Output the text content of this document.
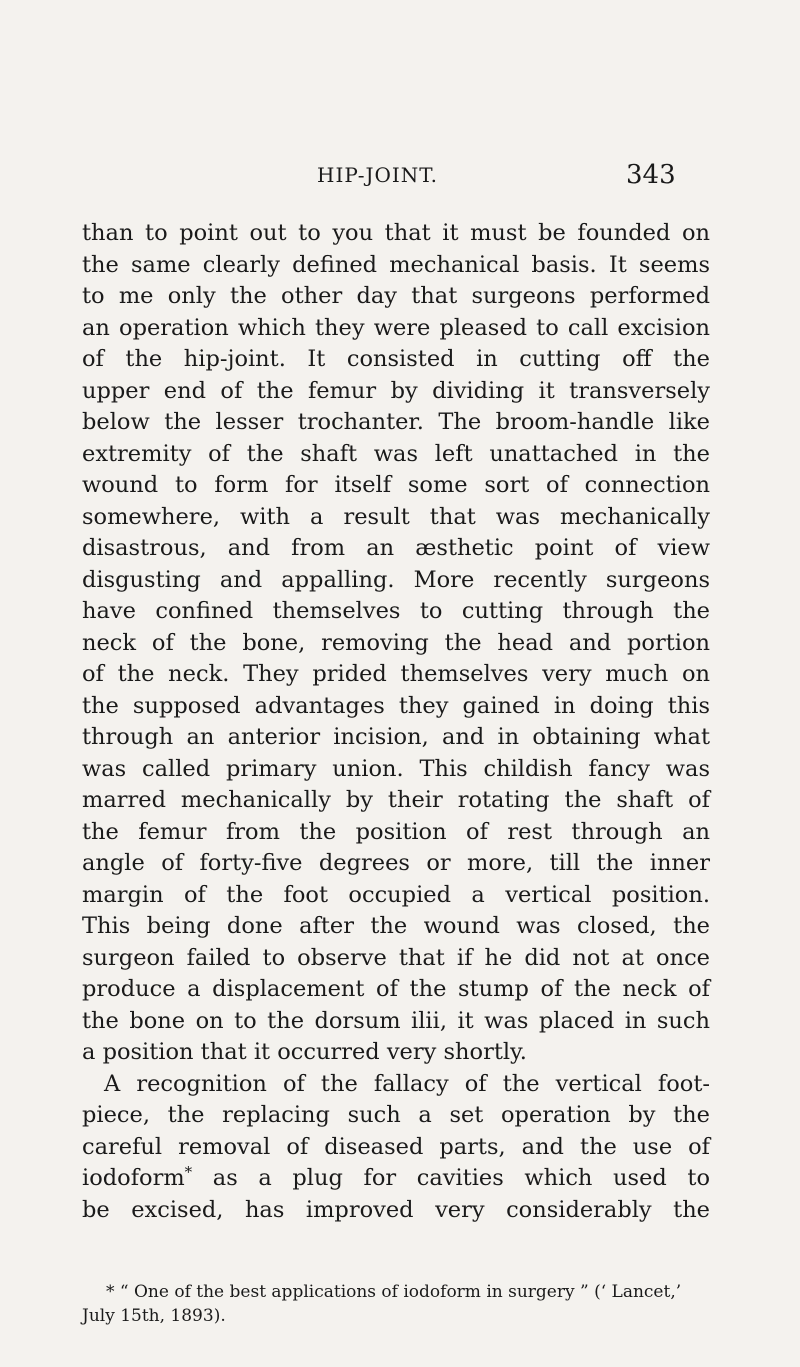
HIP-JOINT.	343
than to point out to you that it must be founded on
the same clearly defined mechanical basis. It seems
to me only the other day that surgeons performed
an operation which they were pleased to call excision
of the hip-joint. It consisted in cutting off the
upper end of the femur by dividing it transversely
below the lesser trochanter. The broom-handle like
extremity of the shaft was left unattached in the
wound to form for itself some sort of connection
somewhere, with a result that was mechanically
disastrous, and from an æsthetic point of view
disgusting and appalling. More recently surgeons
have confined themselves to cutting through the
neck of the bone, removing the head and portion
of the neck. They prided themselves very much on
the supposed advantages they gained in doing this
through an anterior incision, and in obtaining what
was called primary union. This childish fancy was
marred mechanically by their rotating the shaft of
the femur from the position of rest through an
angle of forty-five degrees or more, till the inner
margin of the foot occupied a vertical position.
This being done after the wound was closed, the
surgeon failed to observe that if he did not at once
produce a displacement of the stump of the neck of
the bone on to the dorsum ilii, it was placed in such
a position that it occurred very shortly.
A recognition of the fallacy of the vertical foot-
piece, the replacing such a set operation by the
careful removal of diseased parts, and the use of
iodoform* as a plug for cavities which used to
be excised, has improved very considerably the
* “ One of the best applications of iodoform in surgery ” (‘ Lancet,’
July 15th, 1893).
